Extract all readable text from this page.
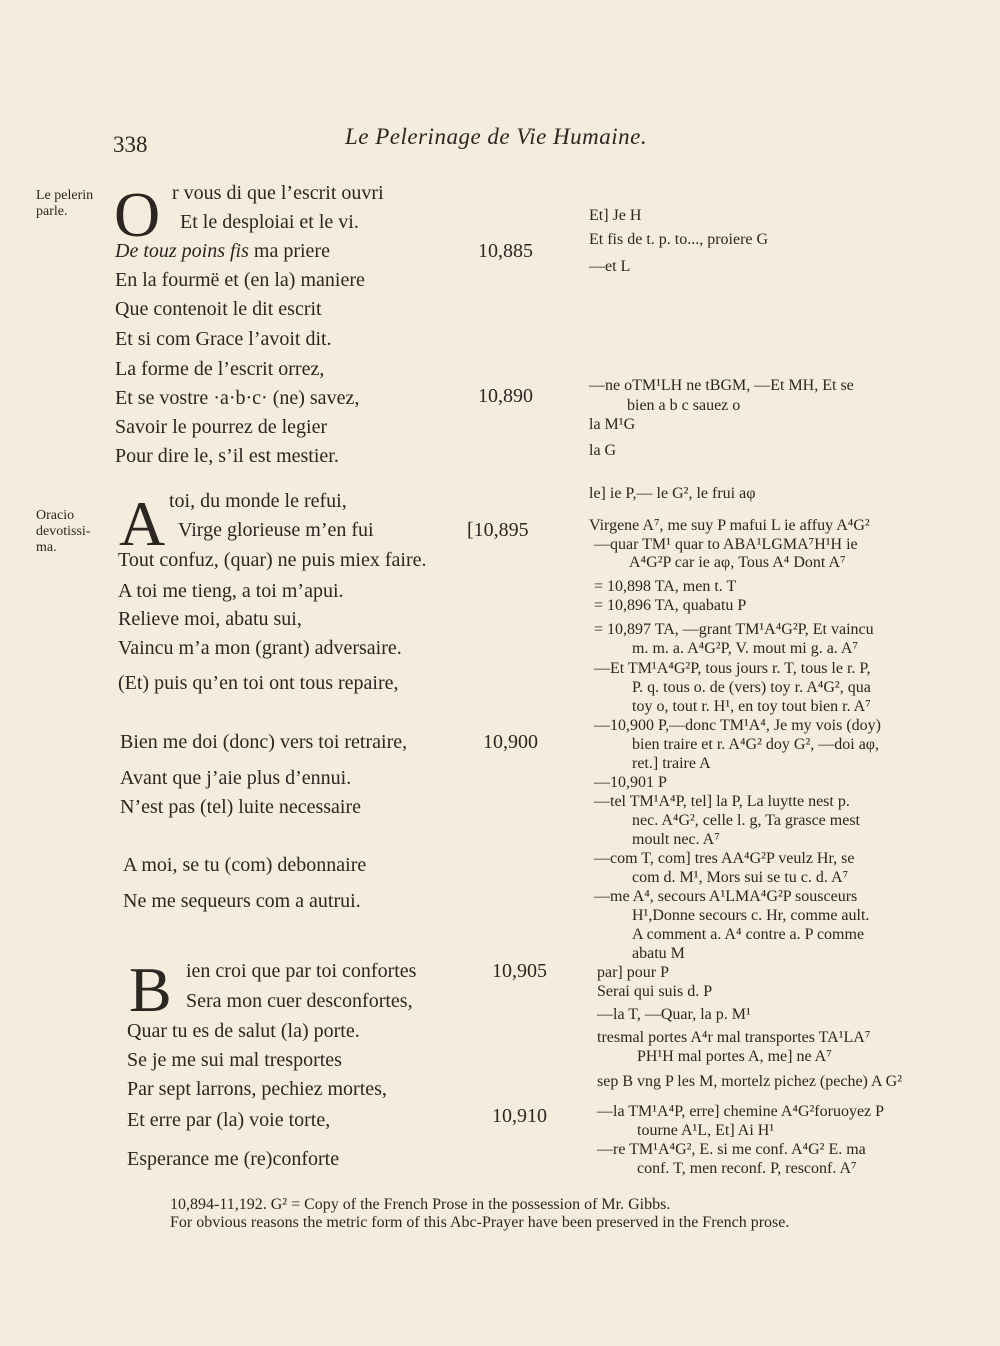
338	Le Pelerinage de Vie Humaine.
Le pelerin parle.
Oracio devotissi-ma.
O r vous di que l’escrit ouvri
Et le desploiai et le vi.
De touz poins fis ma priere
En la fourmë et (en la) maniere
Que contenoit le dit escrit
Et si com Grace l’avoit dit.
La forme de l’escrit orrez,
Et se vostre ·a·b·c· (ne) savez,
Savoir le pourrez de legier
Pour dire le, s’il est mestier.
A toi, du monde le refui,
Virge glorieuse m’en fui
Tout confuz, (quar) ne puis miex faire.
A toi me tieng, a toi m’apui.
Relieve moi, abatu sui,
Vaincu m’a mon (grant) adversaire.
(Et) puis qu’en toi ont tous repaire,
Bien me doi (donc) vers toi retraire,
Avant que j’aie plus d’ennui.
N’est pas (tel) luite necessaire
A moi, se tu (com) debonnaire
Ne me sequeurs com a autrui.
B ien croi que par toi confortes
Sera mon cuer desconfortes,
Quar tu es de salut (la) porte.
Se je me sui mal tresportes
Par sept larrons, pechiez mortes,
Et erre par (la) voie torte,
Esperance me (re)conforte
10,885
10,890
[10,895
10,900
10,905
10,910
Et] Je H
Et fis de t. p. to..., proiere G
—et L
—ne oTM¹LH ne tBGM, —Et MH, Et se
bien a b c sauez o
la M¹G
la G
le] ie P,— le G², le frui aφ
Virgene A⁷, me suy P mafui L ie affuy A⁴G²
—quar TM¹ quar to ABA¹LGMA⁷H¹H ie
A⁴G²P car ie aφ, Tous A⁴ Dont A⁷
= 10,898 TA, men t. T
= 10,896 TA, quabatu P
= 10,897 TA, —grant TM¹A⁴G²P, Et vaincu
m. m. a. A⁴G²P, V. mout mi g. a. A⁷
—Et TM¹A⁴G²P, tous jours r. T, tous le r. P,
P. q. tous o. de (vers) toy r. A⁴G², qua
toy o, tout r. H¹, en toy tout bien r. A⁷
—10,900 P,—donc TM¹A⁴, Je my vois (doy)
bien traire et r. A⁴G² doy G², —doi aφ,
ret.] traire A
—10,901 P
—tel TM¹A⁴P, tel] la P, La luytte nest p.
nec. A⁴G², celle l. g, Ta grasce mest
moult nec. A⁷
—com T, com] tres AA⁴G²P veulz Hr, se
com d. M¹, Mors sui se tu c. d. A⁷
—me A⁴, secours A¹LMA⁴G²P sousceurs
H¹,Donne secours c. Hr, comme ault.
A comment a. A⁴ contre a. P comme
abatu M
par] pour P
Serai qui suis d. P
—la T, —Quar, la p. M¹
tresmal portes A⁴r mal transportes TA¹LA⁷
PH¹H mal portes A, me] ne A⁷
sep B vng P les M, mortelz pichez (peche) A G²
—la TM¹A⁴P, erre] chemine A⁴G²foruoyez P
tourne A¹L, Et] Ai H¹
—re TM¹A⁴G², E. si me conf. A⁴G² E. ma
conf. T, men reconf. P, resconf. A⁷
10,894-11,192. G² = Copy of the French Prose in the possession of Mr. Gibbs.
For obvious reasons the metric form of this Abc-Prayer have been preserved in the French prose.
